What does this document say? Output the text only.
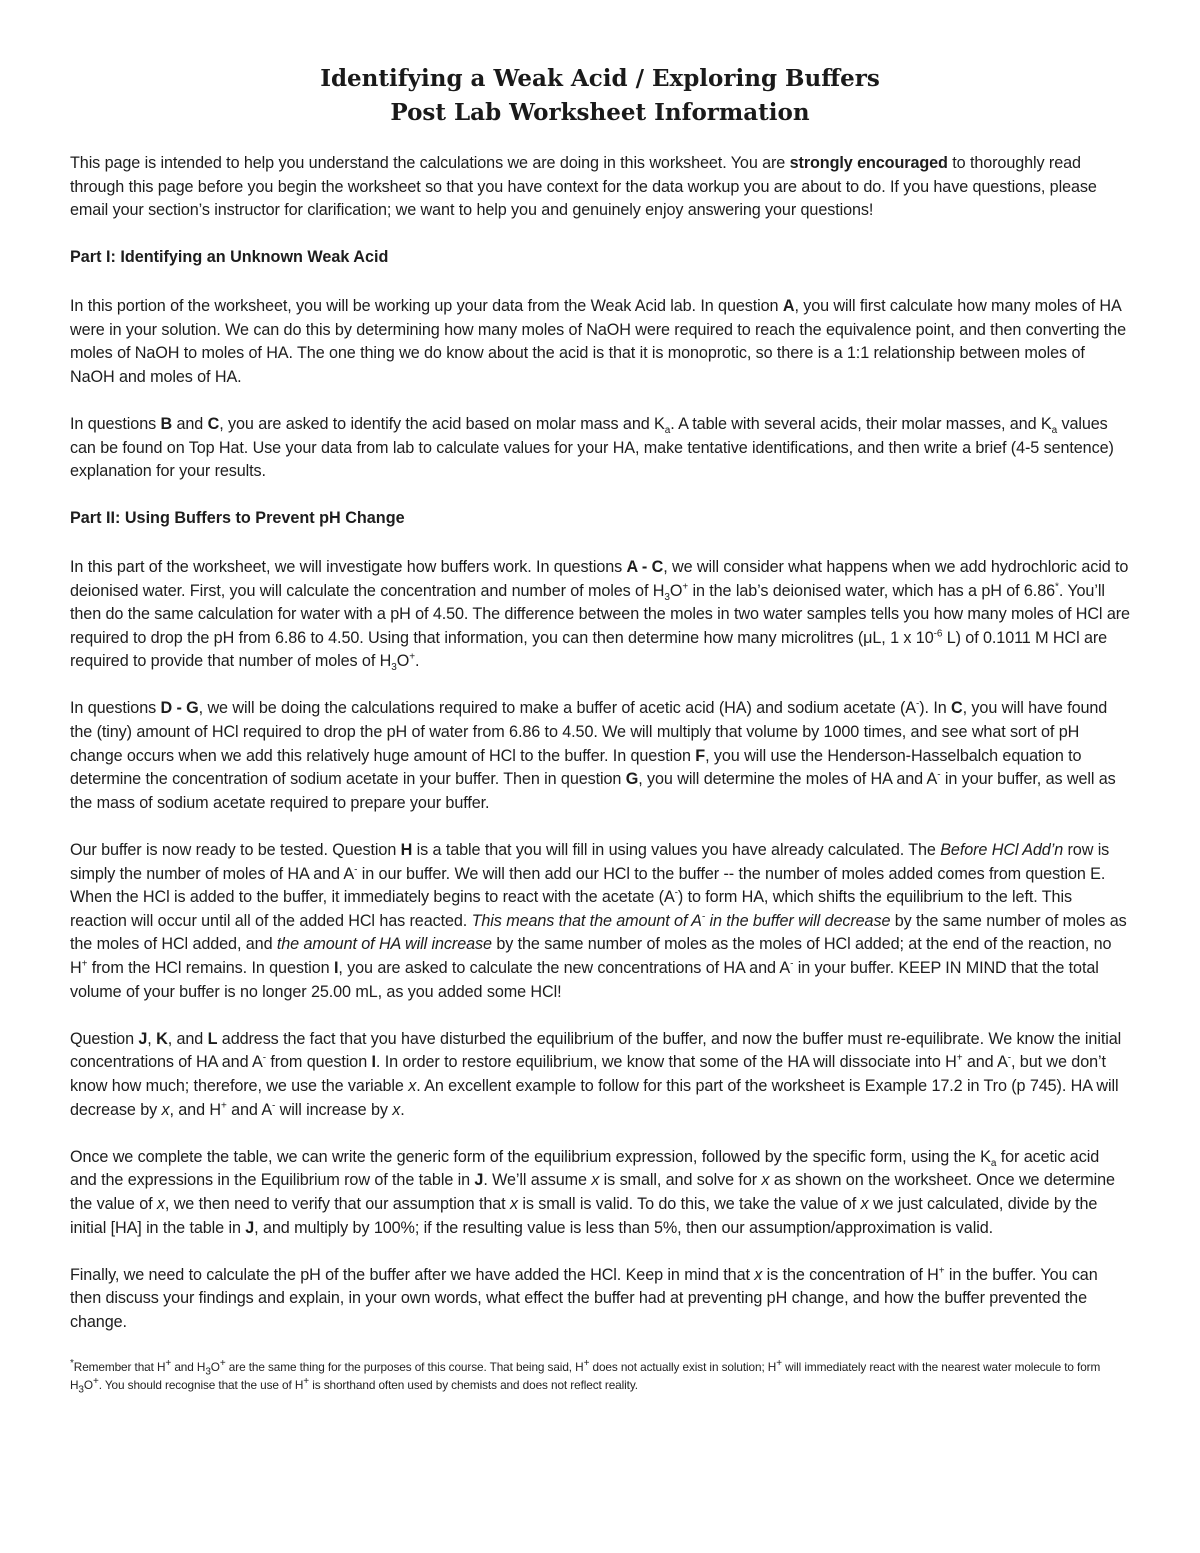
Identifying a Weak Acid / Exploring Buffers
Post Lab Worksheet Information

This page is intended to help you understand the calculations we are doing in this worksheet. You are strongly encouraged to thoroughly read through this page before you begin the worksheet so that you have context for the data workup you are about to do. If you have questions, please email your section’s instructor for clarification; we want to help you and genuinely enjoy answering your questions!

Part I: Identifying an Unknown Weak Acid

In this portion of the worksheet, you will be working up your data from the Weak Acid lab. In question A, you will first calculate how many moles of HA were in your solution. We can do this by determining how many moles of NaOH were required to reach the equivalence point, and then converting the moles of NaOH to moles of HA. The one thing we do know about the acid is that it is monoprotic, so there is a 1:1 relationship between moles of NaOH and moles of HA.

In questions B and C, you are asked to identify the acid based on molar mass and $K_a$. A table with several acids, their molar masses, and $K_a$ values can be found on Top Hat. Use your data from lab to calculate values for your HA, make tentative identifications, and then write a brief (4-5 sentence) explanation for your results.

Part II: Using Buffers to Prevent pH Change

In this part of the worksheet, we will investigate how buffers work. In questions A - C, we will consider what happens when we add hydrochloric acid to deionised water. First, you will calculate the concentration and number of moles of $H_3O^+$ in the lab’s deionised water, which has a pH of 6.86*. You’ll then do the same calculation for water with a pH of 4.50. The difference between the moles in two water samples tells you how many moles of HCl are required to drop the pH from 6.86 to 4.50. Using that information, you can then determine how many microlitres (μL, 1 x $10^{-6}$ L) of 0.1011 M HCl are required to provide that number of moles of $H_3O^+$.

In questions D - G, we will be doing the calculations required to make a buffer of acetic acid (HA) and sodium acetate (A-). In C, you will have found the (tiny) amount of HCl required to drop the pH of water from 6.86 to 4.50. We will multiply that volume by 1000 times, and see what sort of pH change occurs when we add this relatively huge amount of HCl to the buffer. In question F, you will use the Henderson-Hasselbalch equation to determine the concentration of sodium acetate in your buffer. Then in question G, you will determine the moles of HA and A- in your buffer, as well as the mass of sodium acetate required to prepare your buffer.

Our buffer is now ready to be tested. Question H is a table that you will fill in using values you have already calculated. The Before HCl Add’n row is simply the number of moles of HA and A- in our buffer. We will then add our HCl to the buffer -- the number of moles added comes from question E. When the HCl is added to the buffer, it immediately begins to react with the acetate (A-) to form HA, which shifts the equilibrium to the left. This reaction will occur until all of the added HCl has reacted. This means that the amount of A- in the buffer will decrease by the same number of moles as the moles of HCl added, and the amount of HA will increase by the same number of moles as the moles of HCl added; at the end of the reaction, no H+ from the HCl remains. In question I, you are asked to calculate the new concentrations of HA and A- in your buffer. KEEP IN MIND that the total volume of your buffer is no longer 25.00 mL, as you added some HCl!

Question J, K, and L address the fact that you have disturbed the equilibrium of the buffer, and now the buffer must re-equilibrate. We know the initial concentrations of HA and A- from question I. In order to restore equilibrium, we know that some of the HA will dissociate into H+ and A-, but we don’t know how much; therefore, we use the variable x. An excellent example to follow for this part of the worksheet is Example 17.2 in Tro (p 745). HA will decrease by x, and H+ and A- will increase by x.

Once we complete the table, we can write the generic form of the equilibrium expression, followed by the specific form, using the $K_a$ for acetic acid and the expressions in the Equilibrium row of the table in J. We’ll assume x is small, and solve for x as shown on the worksheet. Once we determine the value of x, we then need to verify that our assumption that x is small is valid. To do this, we take the value of x we just calculated, divide by the initial [HA] in the table in J, and multiply by 100%; if the resulting value is less than 5%, then our assumption/approximation is valid.

Finally, we need to calculate the pH of the buffer after we have added the HCl. Keep in mind that x is the concentration of H+ in the buffer. You can then discuss your findings and explain, in your own words, what effect the buffer had at preventing pH change, and how the buffer prevented the change.

*Remember that H+ and $H_3O^+$ are the same thing for the purposes of this course. That being said, H+ does not actually exist in solution; H+ will immediately react with the nearest water molecule to form $H_3O^+$. You should recognise that the use of H+ is shorthand often used by chemists and does not reflect reality.
